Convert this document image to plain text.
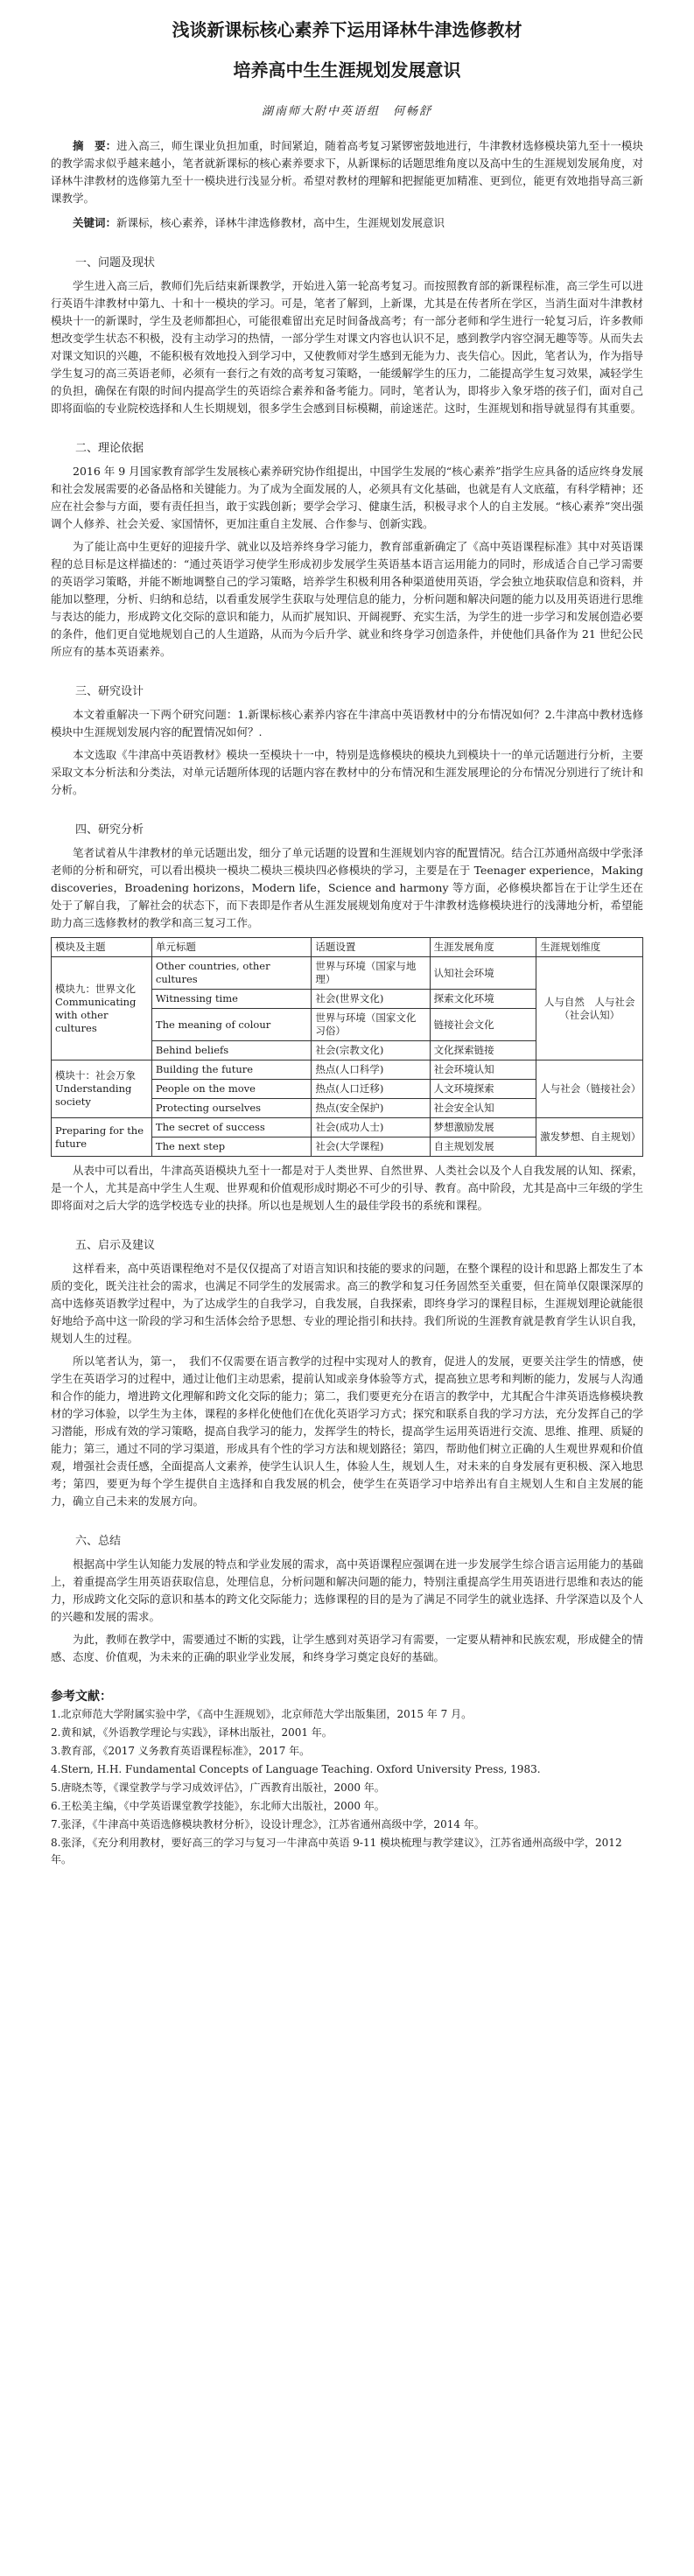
浅谈新课标核心素养下运用译林牛津选修教材
培养高中生生涯规划发展意识
湖南师大附中英语组　何畅舒
摘　要：进入高三，师生课业负担加重，时间紧迫，随着高考复习紧锣密鼓地进行，牛津教材选修模块第九至十一模块的教学需求似乎越来越小，笔者就新课标的核心素养要求下，从新课标的话题思维角度以及高中生的生涯规划发展角度，对译林牛津教材的选修第九至十一模块进行浅显分析。希望对教材的理解和把握能更加精准、更到位，能更有效地指导高三新课教学。
关键词：新课标，核心素养，译林牛津选修教材，高中生，生涯规划发展意识
一、问题及现状

学生进入高三后，教师们先后结束新课教学，开始进入第一轮高考复习。而按照教育部的新课程标准，高三学生可以进行英语牛津教材中第九、十和十一模块的学习。可是，笔者了解到，上新课，尤其是在传者所在学区，当消生面对牛津教材模块十一的新课时，学生及老师都担心，可能很难留出充足时间备战高考；有一部分老师和学生进行一轮复习后，许多教师想改变学生状态不积极，没有主动学习的热情，一部分学生对课文内容也认识不足，感到教学内容空洞无趣等等。从而失去对课文知识的兴趣，不能积极有效地投入到学习中，又使教师对学生感到无能为力、丧失信心。因此，笔者认为，作为指导学生复习的高三英语老师，必须有一套行之有效的高考复习策略，一能缓解学生的压力，二能提高学生复习效果，减轻学生的负担，确保在有限的时间内提高学生的英语综合素养和备考能力。同时，笔者认为，即将步入象牙塔的孩子们，面对自己即将面临的专业院校选择和人生长期规划，很多学生会感到目标模糊，前途迷茫。这时，生涯规划和指导就显得有其重要。

二、理论依据

2016 年 9 月国家教育部学生发展核心素养研究协作组提出，中国学生发展的“核心素养”指学生应具备的适应终身发展和社会发展需要的必备品格和关键能力。为了成为全面发展的人，必须具有文化基础，也就是有人文底蕴，有科学精神；还应在社会参与方面，要有责任担当，敢于实践创新；要学会学习、健康生活，积极寻求个人的自主发展。“核心素养”突出强调个人修养、社会关爱、家国情怀，更加注重自主发展、合作参与、创新实践。

为了能让高中生更好的迎接升学、就业以及培养终身学习能力，教育部重新确定了《高中英语课程标准》其中对英语课程的总目标是这样描述的：“通过英语学习使学生形成初步发展学生英语基本语言运用能力的同时，形成适合自己学习需要的英语学习策略，并能不断地调整自己的学习策略，培养学生积极利用各种渠道使用英语，学会独立地获取信息和资料，并能加以整理，分析、归纳和总结，以看重发展学生获取与处理信息的能力，分析问题和解决问题的能力以及用英语进行思维与表达的能力，形成跨文化交际的意识和能力，从而扩展知识、开阔视野、充实生活，为学生的进一步学习和发展创造必要的条件，他们更自觉地规划自己的人生道路，从而为今后升学、就业和终身学习创造条件，并使他们具备作为 21 世纪公民所应有的基本英语素养。

三、研究设计

本文着重解决一下两个研究问题：1.新课标核心素养内容在牛津高中英语教材中的分布情况如何？2.牛津高中教材选修模块中生涯规划发展内容的配置情况如何？.

本文选取《牛津高中英语教材》模块一至模块十一中，特别是选修模块的模块九到模块十一的单元话题进行分析，主要采取文本分析法和分类法，对单元话题所体现的话题内容在教材中的分布情况和生涯发展理论的分布情况分别进行了统计和分析。

四、研究分析

笔者试着从牛津教材的单元话题出发，细分了单元话题的设置和生涯规划内容的配置情况。结合江苏通州高级中学张泽老师的分析和研究，可以看出模块一模块二模块三模块四必修模块的学习，主要是在于 Teenager experience，Making discoveries，Broadening horizons，Modern life，Science and harmony 等方面，必修模块都旨在于让学生还在处于了解自我，了解社会的状态下，而下表即是作者从生涯发展规划角度对于牛津教材选修模块进行的浅薄地分析，希望能助力高三选修教材的教学和高三复习工作。

模块及主题	单元标题	话题设置	生涯发展角度	生涯规划维度
模块九：世界文化 Communicating with other cultures	Other countries, other cultures	世界与环境（国家与地理）	认知社会环境	人与自然　人与社会　（社会认知）
	Witnessing time	社会(世界文化)	探索文化环境	
	The meaning of colour	世界与环境（国家文化习俗）	链接社会文化	
	Behind beliefs	社会(宗教文化)	文化探索链接	
模块十：社会万象 Understanding society	Building the future	热点(人口科学)	社会环境认知	人与社会（链接社会）
	People on the move	热点(人口迁移)	人文环境探索	
	Protecting ourselves	热点(安全保护)	社会安全认知	
Preparing for the future	The secret of success	社会(成功人士)	梦想激励发展	激发梦想、自主规划）
	The next step	社会(大学课程)	自主规划发展	

从表中可以看出，牛津高英语模块九至十一都是对于人类世界、自然世界、人类社会以及个人自我发展的认知、探索，是一个人，尤其是高中学生人生观、世界观和价值观形成时期必不可少的引导、教育。高中阶段，尤其是高中三年级的学生即将面对之后大学的选学校选专业的抉择。所以也是规划人生的最佳学段书的系统和课程。

五、启示及建议

这样看来，高中英语课程绝对不是仅仅提高了对语言知识和技能的要求的问题，在整个课程的设计和思路上都发生了本质的变化，既关注社会的需求，也满足不同学生的发展需求。高三的教学和复习任务固然至关重要，但在简单仅限课深厚的高中选修英语教学过程中，为了达成学生的自我学习，自我发展，自我探索，即终身学习的课程目标，生涯规划理论就能很好地给予高中这一阶段的学习和生活体会给予思想、专业的理论指引和扶持。我们所说的生涯教育就是教育学生认识自我，规划人生的过程。

所以笔者认为，第一，　我们不仅需要在语言教学的过程中实现对人的教育，促进人的发展，更要关注学生的情感，使学生在英语学习的过程中，通过让他们主动思索，提前认知或亲身体验等方式，提高独立思考和判断的能力，发展与人沟通和合作的能力，增进跨文化理解和跨文化交际的能力；第二，我们要更充分在语言的教学中，尤其配合牛津英语选修模块教材的学习体验，以学生为主体，课程的多样化使他们在优化英语学习方式；探究和联系自我的学习方法，充分发挥自己的学习潜能，形成有效的学习策略，提高自我学习的能力，发挥学生的特长，提高学生运用英语进行交流、思维、推理、质疑的能力；第三，通过不同的学习渠道，形成具有个性的学习方法和规划路径；第四，帮助他们树立正确的人生观世界观和价值观，增强社会责任感，全面提高人文素养，使学生认识人生，体验人生，规划人生，对未来的自身发展有更积极、深入地思考；第四，要更为每个学生提供自主选择和自我发展的机会，使学生在英语学习中培养出有自主规划人生和自主发展的能力，确立自己未来的发展方向。

六、总结

根据高中学生认知能力发展的特点和学业发展的需求，高中英语课程应强调在进一步发展学生综合语言运用能力的基础上，着重提高学生用英语获取信息，处理信息，分析问题和解决问题的能力，特别注重提高学生用英语进行思维和表达的能力，形成跨文化交际的意识和基本的跨文化交际能力；选修课程的目的是为了满足不同学生的就业选择、升学深造以及个人的兴趣和发展的需求。

为此，教师在教学中，需要通过不断的实践，让学生感到对英语学习有需要，一定要从精神和民族宏观，形成健全的情感、态度、价值观，为未来的正确的职业学业发展，和终身学习奠定良好的基础。

参考文献：

1.北京师范大学附属实验中学，《高中生涯规划》，北京师范大学出版集团，2015 年 7 月。

2.黄和斌，《外语教学理论与实践》，译林出版社，2001 年。

3.教育部，《2017 义务教育英语课程标准》，2017 年。

4.Stern, H.H. Fundamental Concepts of Language Teaching. Oxford University Press, 1983.

5.唐晓杰等，《课堂教学与学习成效评估》，广西教育出版社，2000 年。

6.王松美主编，《中学英语课堂教学技能》，东北师大出版社，2000 年。

7.张泽，《牛津高中英语选修模块教材分析》，设设计理念》，江苏省通州高级中学，2014 年。

8.张泽，《充分利用教材，要好高三的学习与复习一牛津高中英语 9-11 模块梳理与教学建议》，江苏省通州高级中学，2012 年。
